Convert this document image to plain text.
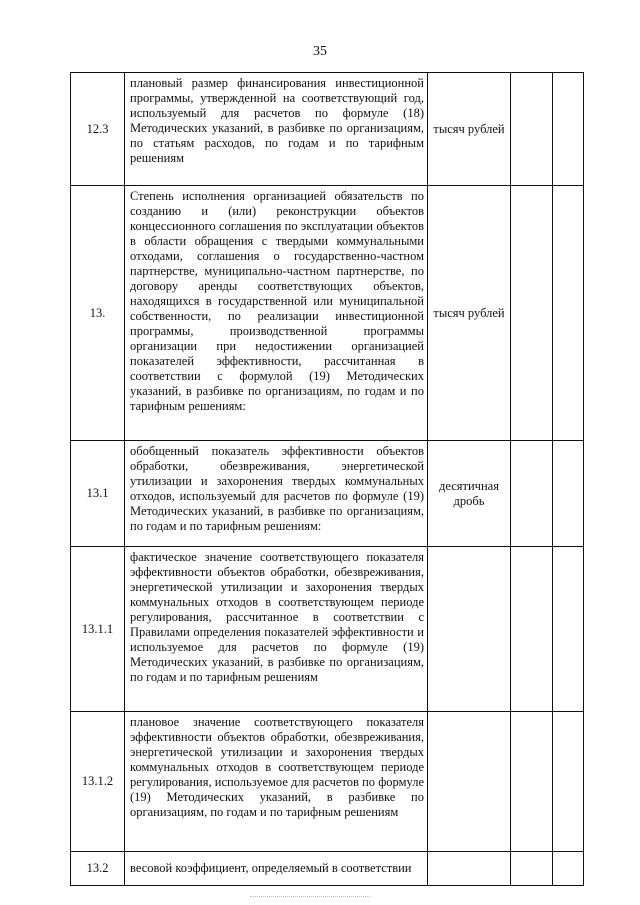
35
12.3	плановый размер финансирования инвестиционной программы, утвержденной на соответствующий год, используемый для расчетов по формуле (18) Методических указаний, в разбивке по организациям, по статьям расходов, по годам и по тарифным решениям	тысяч рублей		

13.	Степень исполнения организацией обязательств по созданию и (или) реконструкции объектов концессионного соглашения по эксплуатации объектов в области обращения с твердыми коммунальными отходами, соглашения о государственно-частном партнерстве, муниципально-частном партнерстве, по договору аренды соответствующих объектов, находящихся в государственной или муниципальной собственности, по реализации инвестиционной программы, производственной программы организации при недостижении организацией показателей эффективности, рассчитанная в соответствии с формулой (19) Методических указаний, в разбивке по организациям, по годам и по тарифным решениям:	тысяч рублей		

13.1	обобщенный показатель эффективности объектов обработки, обезвреживания, энергетической утилизации и захоронения твердых коммунальных отходов, используемый для расчетов по формуле (19) Методических указаний, в разбивке по организациям, по годам и по тарифным решениям:	десятичная дробь		

13.1.1	фактическое значение соответствующего показателя эффективности объектов обработки, обезвреживания, энергетической утилизации и захоронения твердых коммунальных отходов в соответствующем периоде регулирования, рассчитанное в соответствии с Правилами определения показателей эффективности и используемое для расчетов по формуле (19) Методических указаний, в разбивке по организациям, по годам и по тарифным решениям	

13.1.2	плановое значение соответствующего показателя эффективности объектов обработки, обезвреживания, энергетической утилизации и захоронения твердых коммунальных отходов в соответствующем периоде регулирования, используемое для расчетов по формуле (19) Методических указаний, в разбивке по организациям, по годам и по тарифным решениям	

13.2	весовой коэффициент, определяемый в соответствии	
